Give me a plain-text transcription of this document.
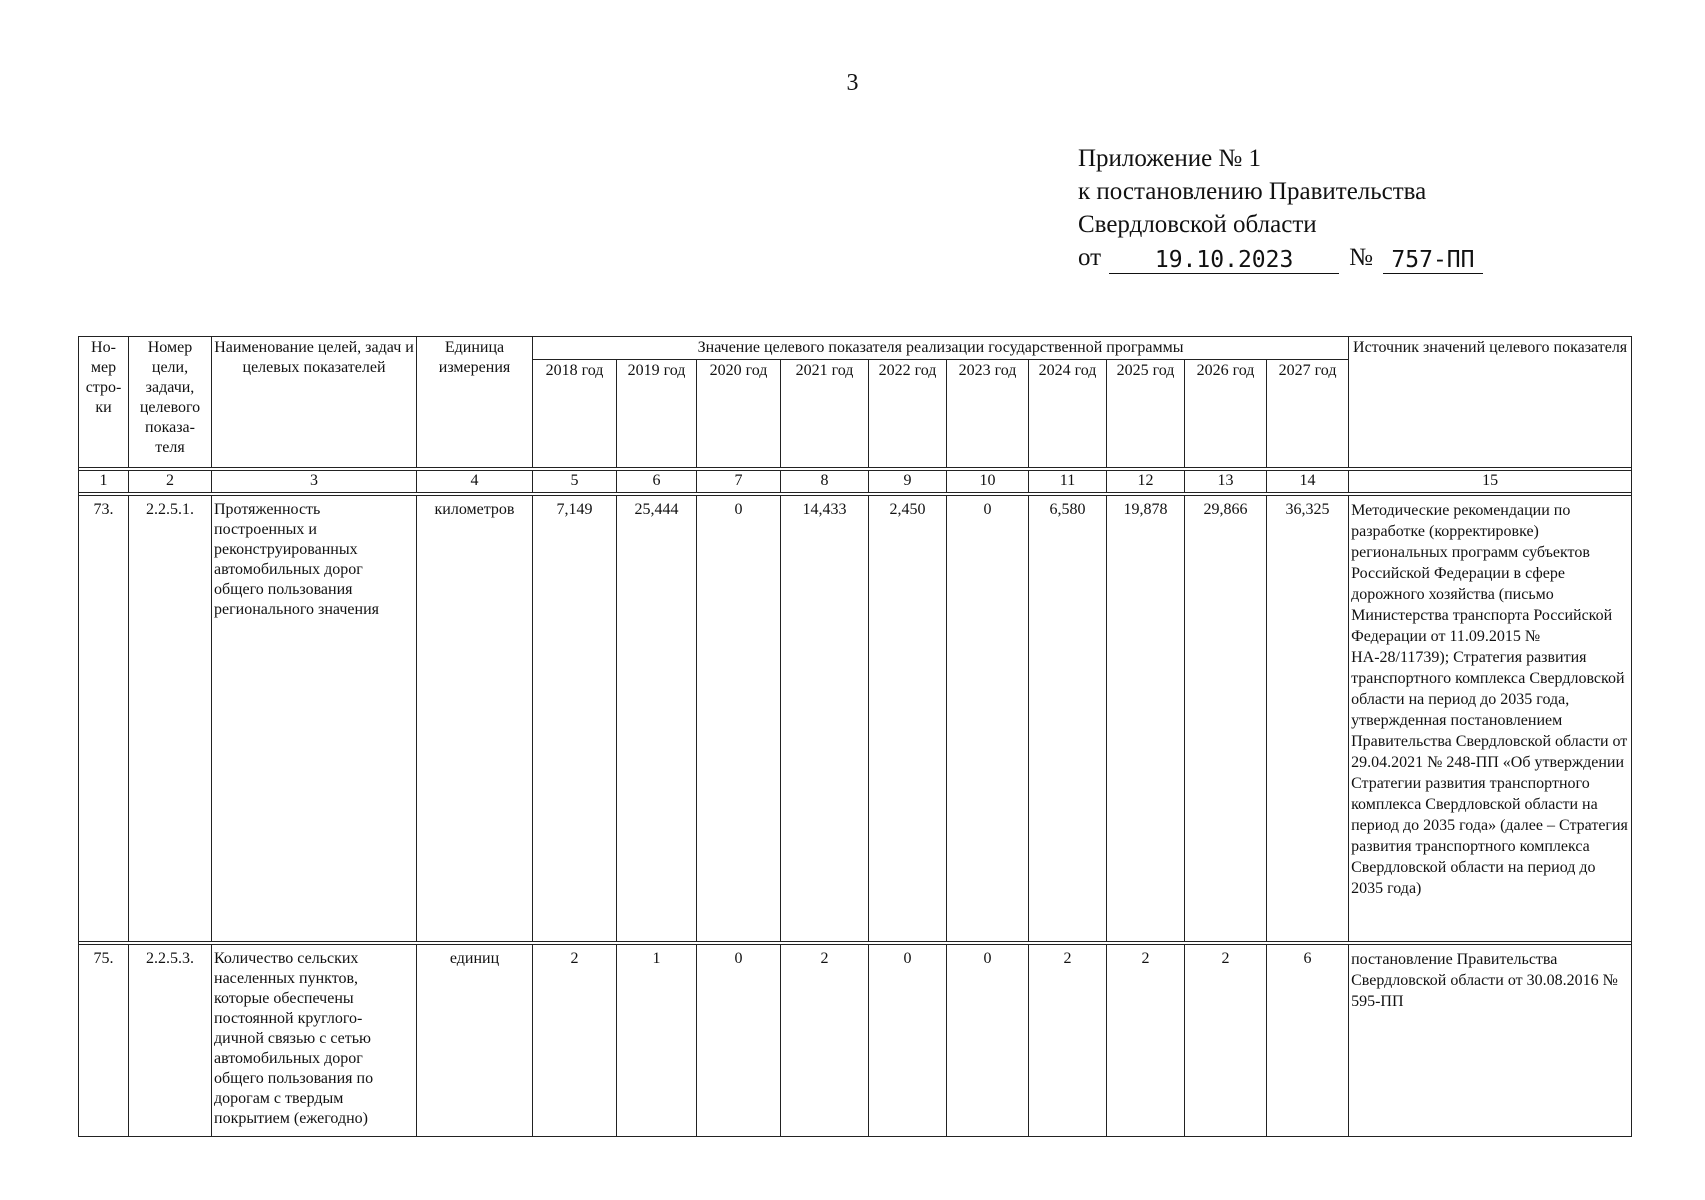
3
Приложение № 1
к постановлению Правительства
Свердловской области
от	19.10.2023	№ 757-ПП
Но- мер стро- ки	Номер цели, задачи, целевого показа- теля	Наименование целей, задач и целевых показателей	Единица измерения	Значение целевого показателя реализации государственной программы										Источник значений целевого показателя
				2018 год	2019 год	2020 год	2021 год	2022 год	2023 год	2024 год	2025 год	2026 год	2027 год	

1	2	3	4	5	6	7	8	9	10	11	12	13	14	15

73.	2.2.5.1.	Протяженность построенных и реконструированных автомобильных дорог общего пользования регионального значения	километров	7,149	25,444	0	14,433	2,450	0	6,580	19,878	29,866	36,325	Методические рекомендации по разработке (корректировке) региональных программ субъектов Российской Федерации в сфере дорожного хозяйства (письмо Министерства транспорта Российской Федерации от 11.09.2015 № НА-28/11739); Стратегия развития транспортного комплекса Свердловской области на период до 2035 года, утвержденная постановлением Правительства Свердловской области от 29.04.2021 № 248-ПП «Об утверждении Стратегии развития транспортного комплекса Свердловской области на период до 2035 года» (далее – Стратегия развития транспортного комплекса Свердловской области на период до 2035 года)

75.	2.2.5.3.	Количество сельских населенных пунктов, которые обеспечены постоянной круглого- дичной связью с сетью автомобильных дорог общего пользования по дорогам с твердым покрытием (ежегодно)	единиц	2	1	0	2	0	0	2	2	2	6	постановление Правительства Свердловской области от 30.08.2016 № 595-ПП
